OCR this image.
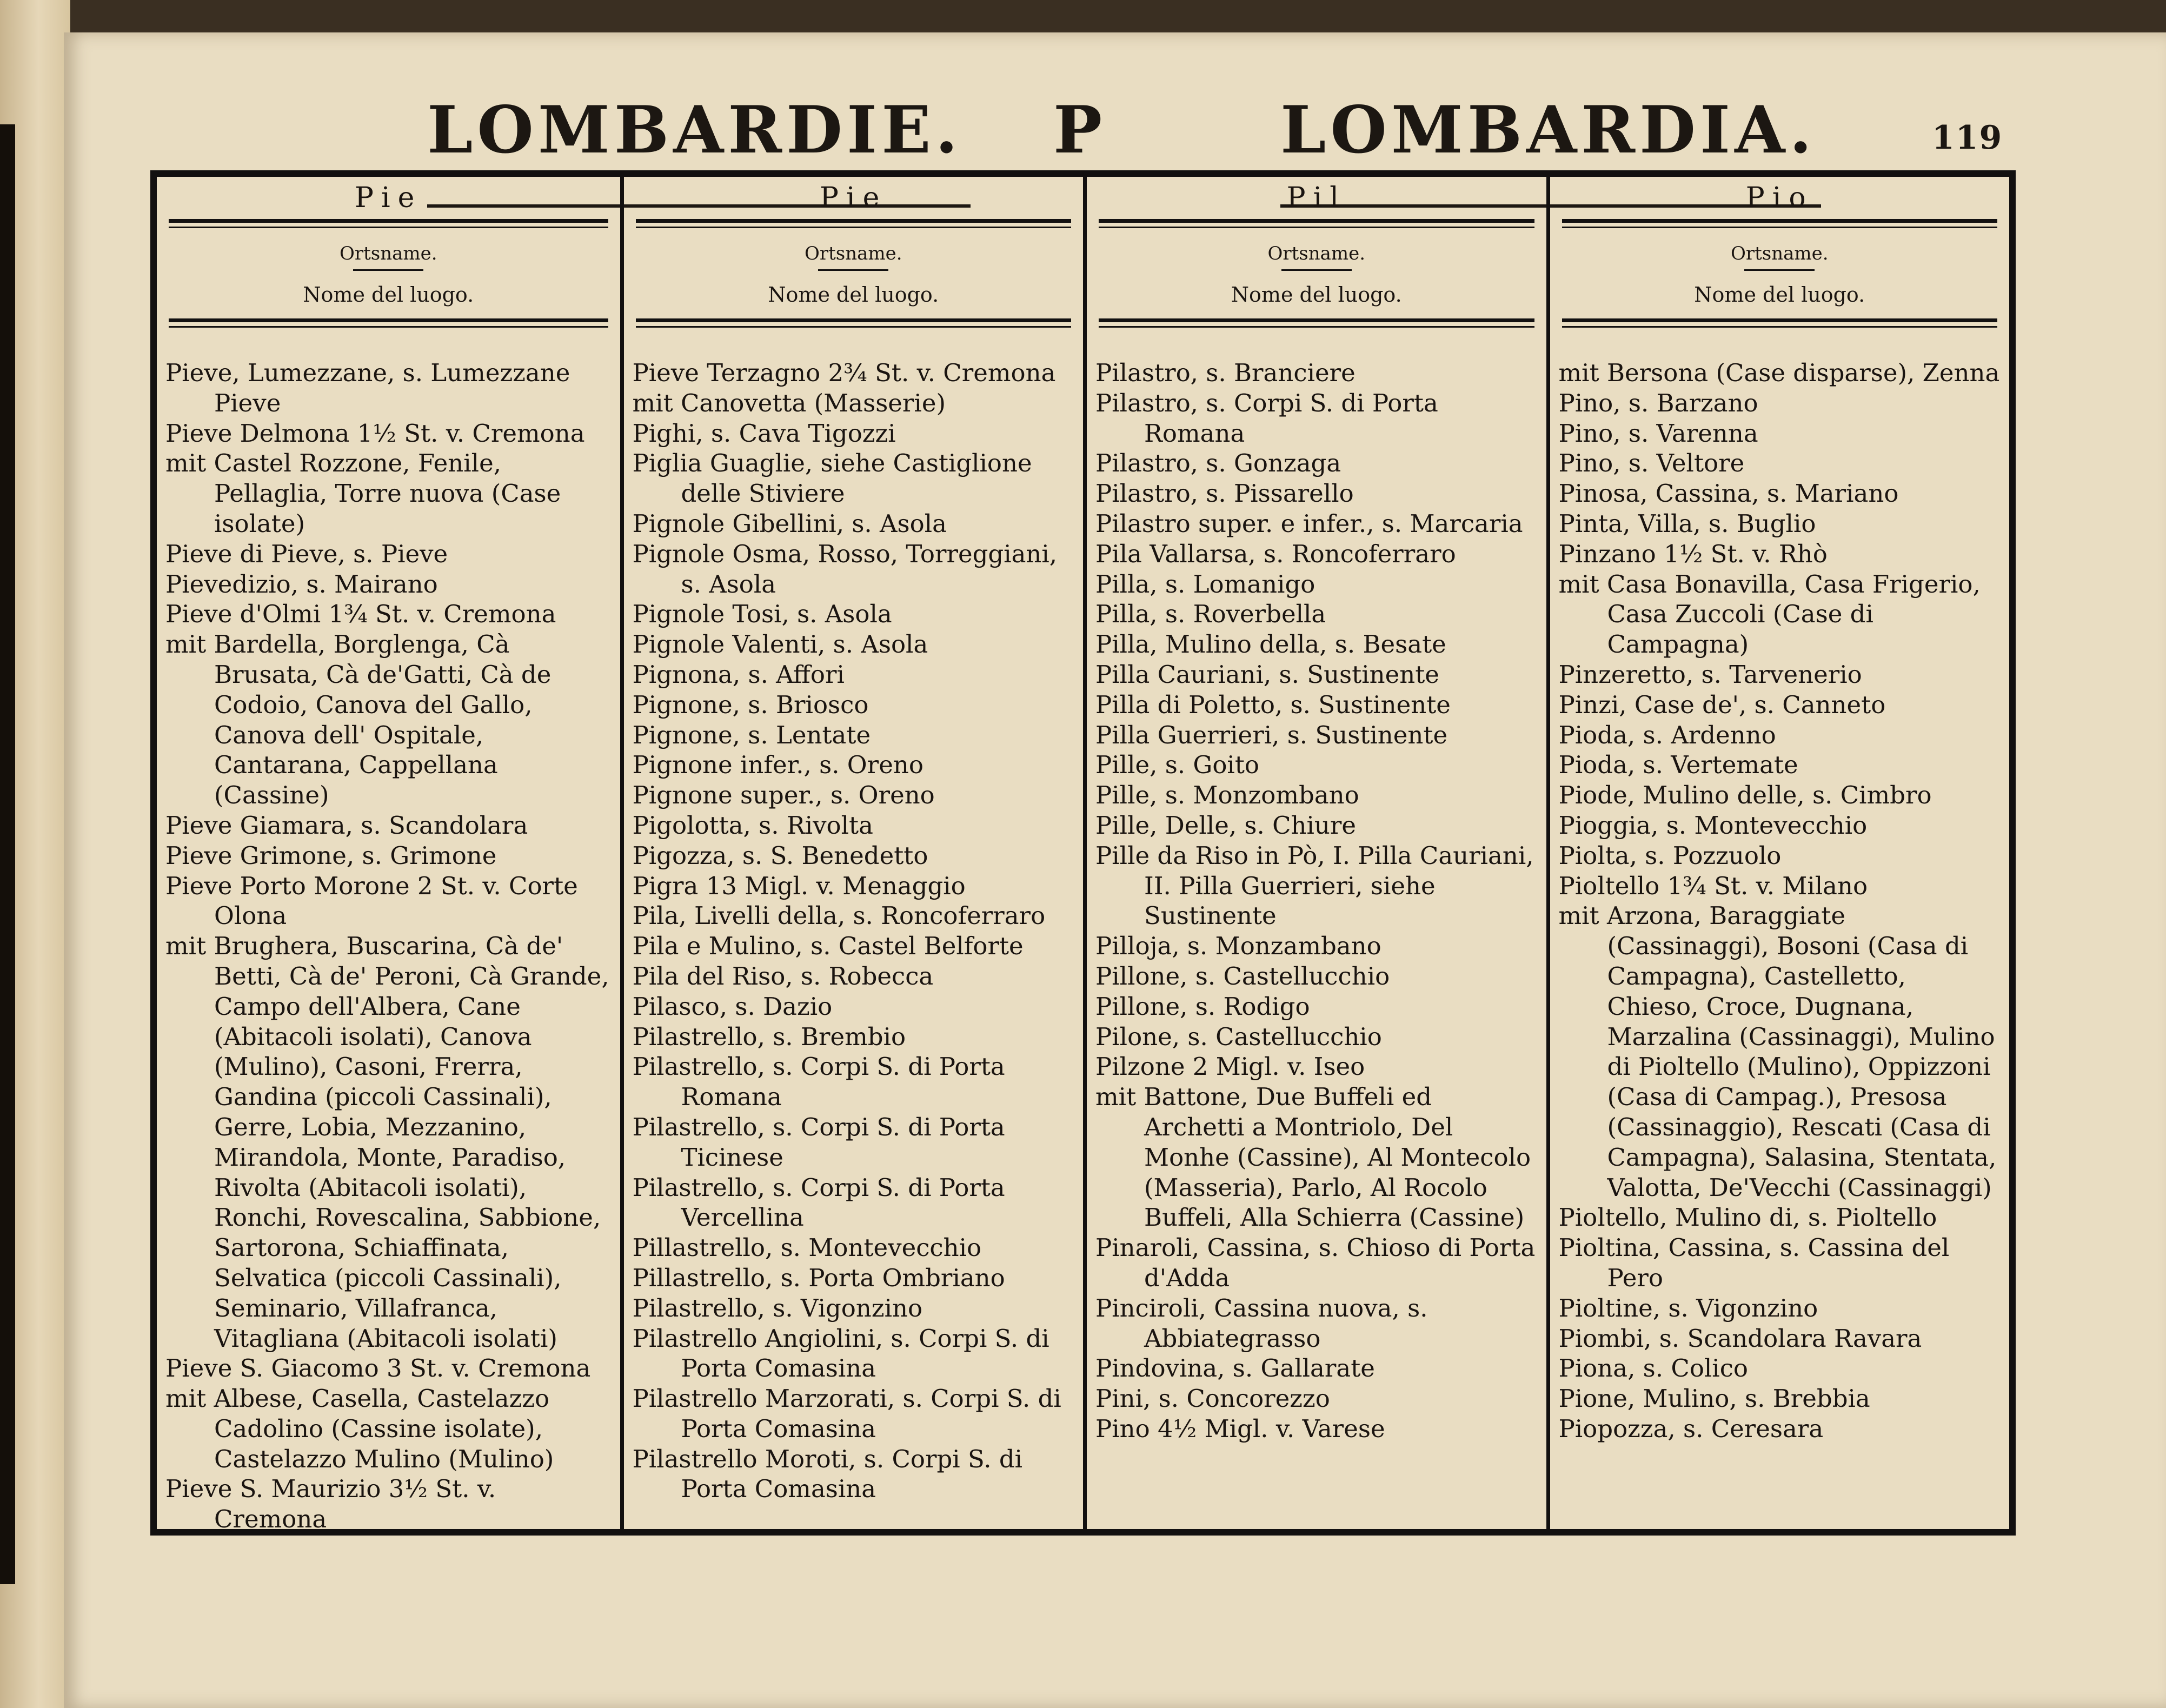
LOMBARDIE. P	LOMBARDIA.	119
Pie
Ortsname.
Nome del luogo.
Pieve, Lumezzane, s. Lumezzane Pieve
Pieve Delmona 1½ St. v. Cremona
mit Castel Rozzone, Fenile, Pellaglia, Torre nuova (Case isolate)
Pieve di Pieve, s. Pieve
Pievedizio, s. Mairano
Pieve d'Olmi 1¾ St. v. Cremona
mit Bardella, Borglenga, Cà Brusata, Cà de'Gatti, Cà de Codoio, Canova del Gallo, Canova dell' Ospitale, Cantarana, Cappellana (Cassine)
Pieve Giamara, s. Scandolara
Pieve Grimone, s. Grimone
Pieve Porto Morone 2 St. v. Corte Olona
mit Brughera, Buscarina, Cà de' Betti, Cà de' Peroni, Cà Grande, Campo dell'Albera, Cane (Abitacoli isolati), Canova (Mulino), Casoni, Frerra, Gandina (piccoli Cassinali), Gerre, Lobia, Mezzanino, Mirandola, Monte, Paradiso, Rivolta (Abitacoli isolati), Ronchi, Rovescalina, Sabbione, Sartorona, Schiaffinata, Selvatica (piccoli Cassinali), Seminario, Villafranca, Vitagliana (Abitacoli isolati)
Pieve S. Giacomo 3 St. v. Cremona
mit Albese, Casella, Castelazzo Cadolino (Cassine isolate), Castelazzo Mulino (Mulino)
Pieve S. Maurizio 3½ St. v. Cremona
Pie
Ortsname.
Nome del luogo.
Pieve Terzagno 2¾ St. v. Cremona
mit Canovetta (Masserie)
Pighi, s. Cava Tigozzi
Piglia Guaglie, siehe Castiglione delle Stiviere
Pignole Gibellini, s. Asola
Pignole Osma, Rosso, Torreggiani, s. Asola
Pignole Tosi, s. Asola
Pignole Valenti, s. Asola
Pignona, s. Affori
Pignone, s. Briosco
Pignone, s. Lentate
Pignone infer., s. Oreno
Pignone super., s. Oreno
Pigolotta, s. Rivolta
Pigozza, s. S. Benedetto
Pigra 13 Migl. v. Menaggio
Pila, Livelli della, s. Roncoferraro
Pila e Mulino, s. Castel Belforte
Pila del Riso, s. Robecca
Pilasco, s. Dazio
Pilastrello, s. Brembio
Pilastrello, s. Corpi S. di Porta Romana
Pilastrello, s. Corpi S. di Porta Ticinese
Pilastrello, s. Corpi S. di Porta Vercellina
Pillastrello, s. Montevecchio
Pillastrello, s. Porta Ombriano
Pilastrello, s. Vigonzino
Pilastrello Angiolini, s. Corpi S. di Porta Comasina
Pilastrello Marzorati, s. Corpi S. di Porta Comasina
Pilastrello Moroti, s. Corpi S. di Porta Comasina
Pil
Ortsname.
Nome del luogo.
Pilastro, s. Branciere
Pilastro, s. Corpi S. di Porta Romana
Pilastro, s. Gonzaga
Pilastro, s. Pissarello
Pilastro super. e infer., s. Marcaria
Pila Vallarsa, s. Roncoferraro
Pilla, s. Lomanigo
Pilla, s. Roverbella
Pilla, Mulino della, s. Besate
Pilla Cauriani, s. Sustinente
Pilla di Poletto, s. Sustinente
Pilla Guerrieri, s. Sustinente
Pille, s. Goito
Pille, s. Monzombano
Pille, Delle, s. Chiure
Pille da Riso in Pò, I. Pilla Cauriani, II. Pilla Guerrieri, siehe Sustinente
Pilloja, s. Monzambano
Pillone, s. Castellucchio
Pillone, s. Rodigo
Pilone, s. Castellucchio
Pilzone 2 Migl. v. Iseo
mit Battone, Due Buffeli ed Archetti a Montriolo, Del Monhe (Cassine), Al Montecolo (Masseria), Parlo, Al Rocolo Buffeli, Alla Schierra (Cassine)
Pinaroli, Cassina, s. Chioso di Porta d'Adda
Pinciroli, Cassina nuova, s. Abbiategrasso
Pindovina, s. Gallarate
Pini, s. Concorezzo
Pino 4½ Migl. v. Varese
Pio
Ortsname.
Nome del luogo.
mit Bersona (Case disparse), Zenna
Pino, s. Barzano
Pino, s. Varenna
Pino, s. Veltore
Pinosa, Cassina, s. Mariano
Pinta, Villa, s. Buglio
Pinzano 1½ St. v. Rhò
mit Casa Bonavilla, Casa Frigerio, Casa Zuccoli (Case di Campagna)
Pinzeretto, s. Tarvenerio
Pinzi, Case de', s. Canneto
Pioda, s. Ardenno
Pioda, s. Vertemate
Piode, Mulino delle, s. Cimbro
Pioggia, s. Montevecchio
Piolta, s. Pozzuolo
Pioltello 1¾ St. v. Milano
mit Arzona, Baraggiate (Cassinaggi), Bosoni (Casa di Campagna), Castelletto, Chieso, Croce, Dugnana, Marzalina (Cassinaggi), Mulino di Pioltello (Mulino), Oppizzoni (Casa di Campag.), Presosa (Cassinaggio), Rescati (Casa di Campagna), Salasina, Stentata, Valotta, De'Vecchi (Cassinaggi)
Pioltello, Mulino di, s. Pioltello
Pioltina, Cassina, s. Cassina del Pero
Pioltine, s. Vigonzino
Piombi, s. Scandolara Ravara
Piona, s. Colico
Pione, Mulino, s. Brebbia
Piopozza, s. Ceresara
